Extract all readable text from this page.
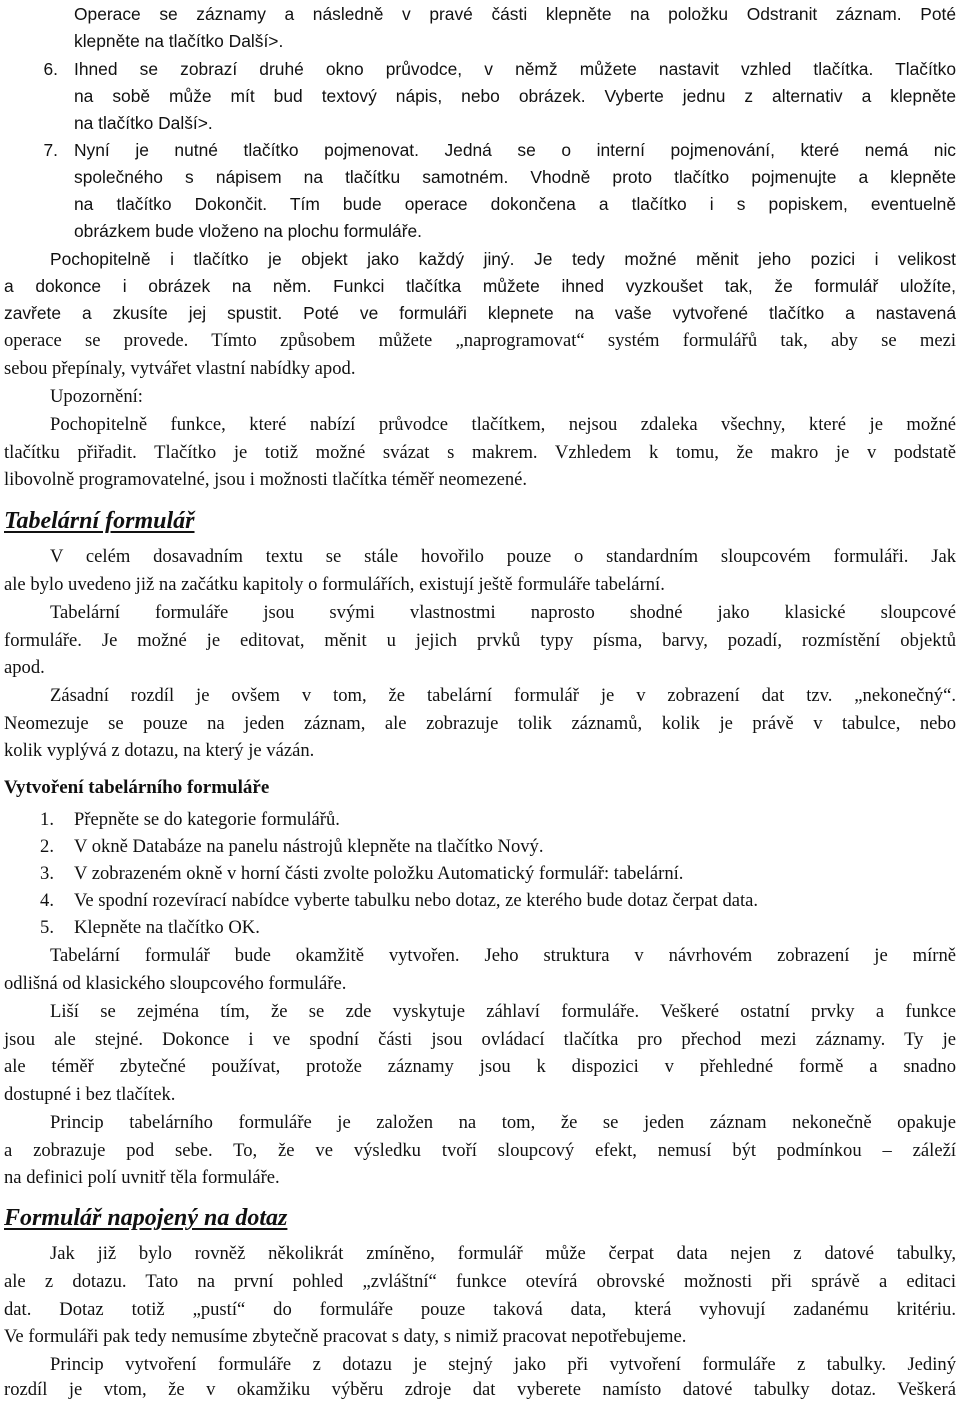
Operace se záznamy a následně v pravé části klepněte na položku Odstranit záznam. Poté
klepněte na tlačítko Další>.
6. Ihned se zobrazí druhé okno průvodce, v němž můžete nastavit vzhled tlačítka. Tlačítko
na sobě může mít bud textový nápis, nebo obrázek. Vyberte jednu z alternativ a klepněte
na tlačítko Další>.
7. Nyní je nutné tlačítko pojmenovat. Jedná se o interní pojmenování, které nemá nic
společného s nápisem na tlačítku samotném. Vhodně proto tlačítko pojmenujte a klepněte
na tlačítko Dokončit. Tím bude operace dokončena a tlačítko i s popiskem, eventuelně
obrázkem bude vloženo na plochu formuláře.
Pochopitelně i tlačítko je objekt jako každý jiný. Je tedy možné měnit jeho pozici i velikost
a dokonce i obrázek na něm. Funkci tlačítka můžete ihned vyzkoušet tak, že formulář uložíte,
zavřete a zkusíte jej spustit. Poté ve formuláři klepnete na vaše vytvořené tlačítko a nastavená
operace se provede. Tímto způsobem můžete „naprogramovat“ systém formulářů tak, aby se mezi
sebou přepínaly, vytvářet vlastní nabídky apod.
Upozornění:
Pochopitelně funkce, které nabízí průvodce tlačítkem, nejsou zdaleka všechny, které je možné
tlačítku přiřadit. Tlačítko je totiž možné svázat s makrem. Vzhledem k tomu, že makro je v podstatě
libovolně programovatelné, jsou i možnosti tlačítka téměř neomezené.
Tabelární formulář
V celém dosavadním textu se stále hovořilo pouze o standardním sloupcovém formuláři. Jak
ale bylo uvedeno již na začátku kapitoly o formulářích, existují ještě formuláře tabelární.
Tabelární formuláře jsou svými vlastnostmi naprosto shodné jako klasické sloupcové
formuláře. Je možné je editovat, měnit u jejich prvků typy písma, barvy, pozadí, rozmístění objektů
apod.
Zásadní rozdíl je ovšem v tom, že tabelární formulář je v zobrazení dat tzv. „nekonečný“.
Neomezuje se pouze na jeden záznam, ale zobrazuje tolik záznamů, kolik je právě v tabulce, nebo
kolik vyplývá z dotazu, na který je vázán.
Vytvoření tabelárního formuláře
1. Přepněte se do kategorie formulářů.
2. V okně Databáze na panelu nástrojů klepněte na tlačítko Nový.
3. V zobrazeném okně v horní části zvolte položku Automatický formulář: tabelární.
4. Ve spodní rozevírací nabídce vyberte tabulku nebo dotaz, ze kterého bude dotaz čerpat data.
5. Klepněte na tlačítko OK.
Tabelární formulář bude okamžitě vytvořen. Jeho struktura v návrhovém zobrazení je mírně
odlišná od klasického sloupcového formuláře.
Liší se zejména tím, že se zde vyskytuje záhlaví formuláře. Veškeré ostatní prvky a funkce
jsou ale stejné. Dokonce i ve spodní části jsou ovládací tlačítka pro přechod mezi záznamy. Ty je
ale téměř zbytečné používat, protože záznamy jsou k dispozici v přehledné formě a snadno
dostupné i bez tlačítek.
Princip tabelárního formuláře je založen na tom, že se jeden záznam nekonečně opakuje
a zobrazuje pod sebe. To, že ve výsledku tvoří sloupcový efekt, nemusí být podmínkou – záleží
na definici polí uvnitř těla formuláře.
Formulář napojený na dotaz
Jak již bylo rovněž několikrát zmíněno, formulář může čerpat data nejen z datové tabulky,
ale z dotazu. Tato na první pohled „zvláštní“ funkce otevírá obrovské možnosti při správě a editaci
dat. Dotaz totiž „pustí“ do formuláře pouze taková data, která vyhovují zadanému kritériu.
Ve formuláři pak tedy nemusíme zbytečně pracovat s daty, s nimiž pracovat nepotřebujeme.
Princip vytvoření formuláře z dotazu je stejný jako při vytvoření formuláře z tabulky. Jediný
rozdíl je vtom, že v okamžiku výběru zdroje dat vyberete namísto datové tabulky dotaz. Veškerá
